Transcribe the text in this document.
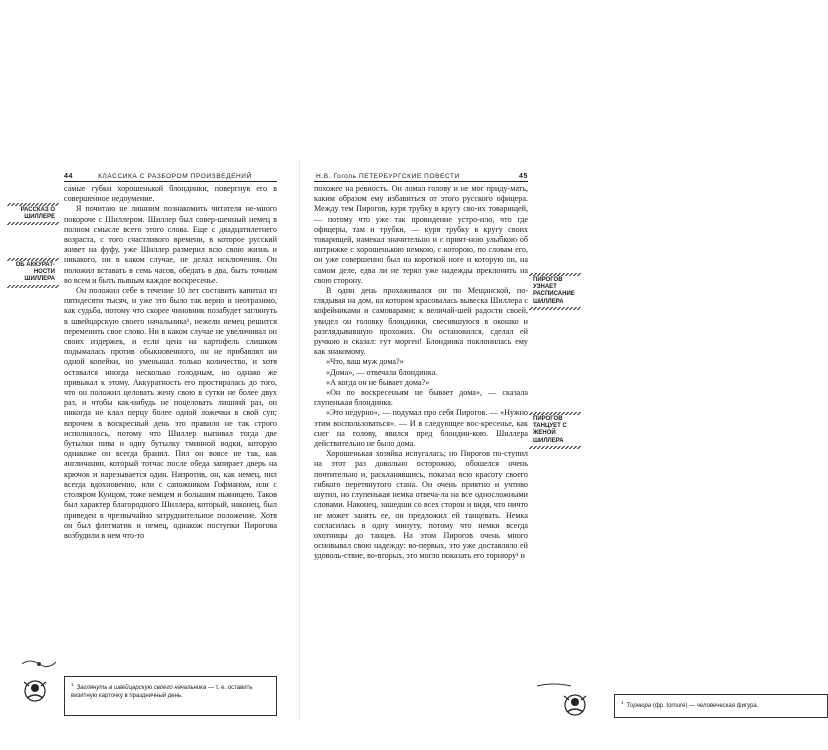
44	КЛАССИКА С РАЗБОРОМ ПРОИЗВЕДЕНИЙ

самые губки хорошенькой блондинки, повергнув его в совершенное недоумение.

Я почитаю не лишним познакомить читателя не-много покороче с Шиллером. Шиллер был совер-шенный немец в полном смысле всего этого слова. Еще с двадцатилетнего возраста, с того счастливого времени, в которое русский живет на фуфу, уже Шиллер размерил всю свою жизнь и никакого, ни в каком случае, не делал исключения. Он положил вставать в семь часов, обедать в два, быть точным во всем и быть пьяным каждое воскресенье.

Он положил себе в течение 10 лет составить капитал из пятидесяти тысяч, и уже это было так верно и неотразимо, как судьба, потому что скорее чиновник позабудет заглянуть в швейцарскую своего начальника¹, нежели немец решится переменить свое слово. Ни в каком случае не увеличивал он своих издержек, и если цена на картофель слишком подымалась против обыкновенного, он не прибавлял ни одной копейки, но уменьшал только количество, и хотя оставался иногда несколько голодным, но однако же привыкал к этому. Аккуратность его простиралась до того, что он положил целовать жену свою в сутки не более двух раз, и чтобы как-нибудь не поцеловать лишний раз, он никогда не клал перцу более одной ложечки в свой суп; впрочем в воскресный день это правило не так строго исполнялось, потому что Шиллер выпивал тогда две бутылки пива и одну бутылку тминной водки, которую однакоже он всегда бранил. Пил он вовсе не так, как англичанин, который тотчас после обеда запирает дверь на крючок и нарезывается один. Напротив, он, как немец, пил всегда вдохновенно, или с сапожником Гофманом, или с столяром Кунцом, тоже немцем и большим пьяницею. Таков был характер благородного Шиллера, который, наконец, был приведен в чрезвычайно затруднительное положение. Хотя он был флегматик и немец, однакож поступки Пирогова возбудили в нем что-то

РАССКАЗ О ШИЛЛЕРЕ
ОБ АККУРАТ-НОСТИ ШИЛЛЕРА
$^1$Заглянуть в швейцарскую своего начальника — т. е. оставить визитную карточку в праздничный день.
Н.В. Гоголь ПЕТЕРБУРГСКИЕ ПОВЕСТИ	45

похожее на ревность. Он ломал голову и не мог приду-мать, каким образом ему избавиться от этого русского офицера. Между тем Пирогов, куря трубку в кругу сво-их товарищей, — потому что уже так провидение устро-ило, что где офицеры, там и трубки, — куря трубку в кругу своих товарищей, намекал значительно и с прият-ною улыбкою об интрижке с хорошенькою немкою, с которою, по словам его, он уже совершенно был на короткой ноге и которую он, на самом деле, едва ли не терял уже надежды преклонить на свою сторону.

В один день прохаживался он по Мещанской, по-глядывая на дом, на котором красовалась вывеска Шиллера с кофейниками и самоварами; к величай-шей радости своей, увидел он головку блондинки, свесившуюся в окошко и разглядывавшую прохожих. Он остановился, сделал ей ручкою и сказал: гут морген! Блондинка поклонилась ему как знакомому.

«Что, ваш муж дома?»

«Дома», — отвечала блондинка.

«А когда он не бывает дома?»

«Он по воскресеньям не бывает дома», — сказала глупенькая блондинка.

«Это недурно», — подумал про себя Пирогов. — «Нужно этим воспользоваться». — И в следующее вос-кресенье, как снег на голову, явился пред блондин-кою. Шиллера действительно не было дома.

Хорошенькая хозяйка испугалась; но Пирогов по-ступил на этот раз довольно осторожно, обошелся очень почтительно и, раскланявшись, показал всю красоту своего гибкого перетянутого стана. Он очень приятно и учтиво шутил, но глупенькая немка отвеча-ла на все односложными словами. Наконец, зашедши со всех сторон и видя, что ничто не может занять ее, он предложил ей танцевать. Немка согласилась в одну минуту, потому что немки всегда охотницы до танцев. На этом Пирогов очень много основывал свою надежду: во-первых, это уже доставляло ей удоволь-ствие, во-вторых, это могло показать его торнюру¹ и

$^1$Торнюра (фр. tornure) — человеческая фигура.
ПИРОГОВ УЗНАЕТ РАСПИСАНИЕ ШИЛЛЕРА
ПИРОГОВ ТАНЦУЕТ С ЖЕНОЙ ШИЛЛЕРА
